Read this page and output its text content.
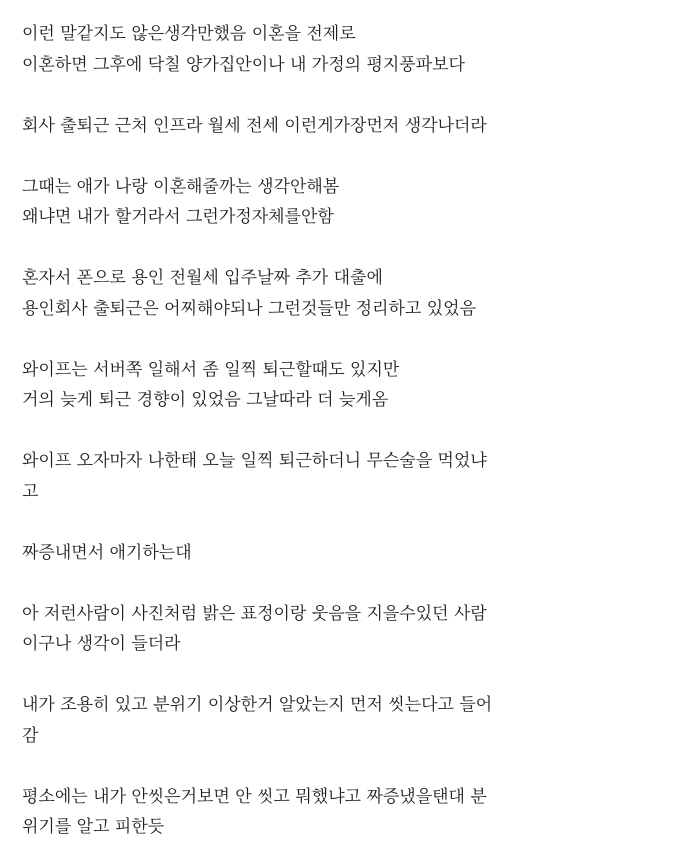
이런 말같지도 않은생각만했음 이혼을 전제로
이혼하면 그후에 닥칠 양가집안이나 내 가정의 평지풍파보다
회사 출퇴근 근처 인프라 월세 전세 이런게가장먼저 생각나더라
그때는 애가 나랑 이혼해줄까는 생각안해봄
왜냐면 내가 할거라서 그런가정자체를안함
혼자서 폰으로 용인 전월세 입주날짜 추가 대출에
용인회사 출퇴근은 어찌해야되나 그런것들만 정리하고 있었음
와이프는 서버쪽 일해서 좀 일찍 퇴근할때도 있지만
거의 늦게 퇴근 경향이 있었음 그날따라 더 늦게옴
와이프 오자마자 나한태 오늘 일찍 퇴근하더니 무슨술을 먹었냐
고
짜증내면서 애기하는대
아 저런사람이 사진처럼 밝은 표정이랑 웃음을 지을수있던 사람
이구나 생각이 들더라
내가 조용히 있고 분위기 이상한거 알았는지 먼저 씻는다고 들어
감
평소에는 내가 안씻은거보면 안 씻고 뭐했냐고 짜증냈을탠대 분
위기를 알고 피한듯
